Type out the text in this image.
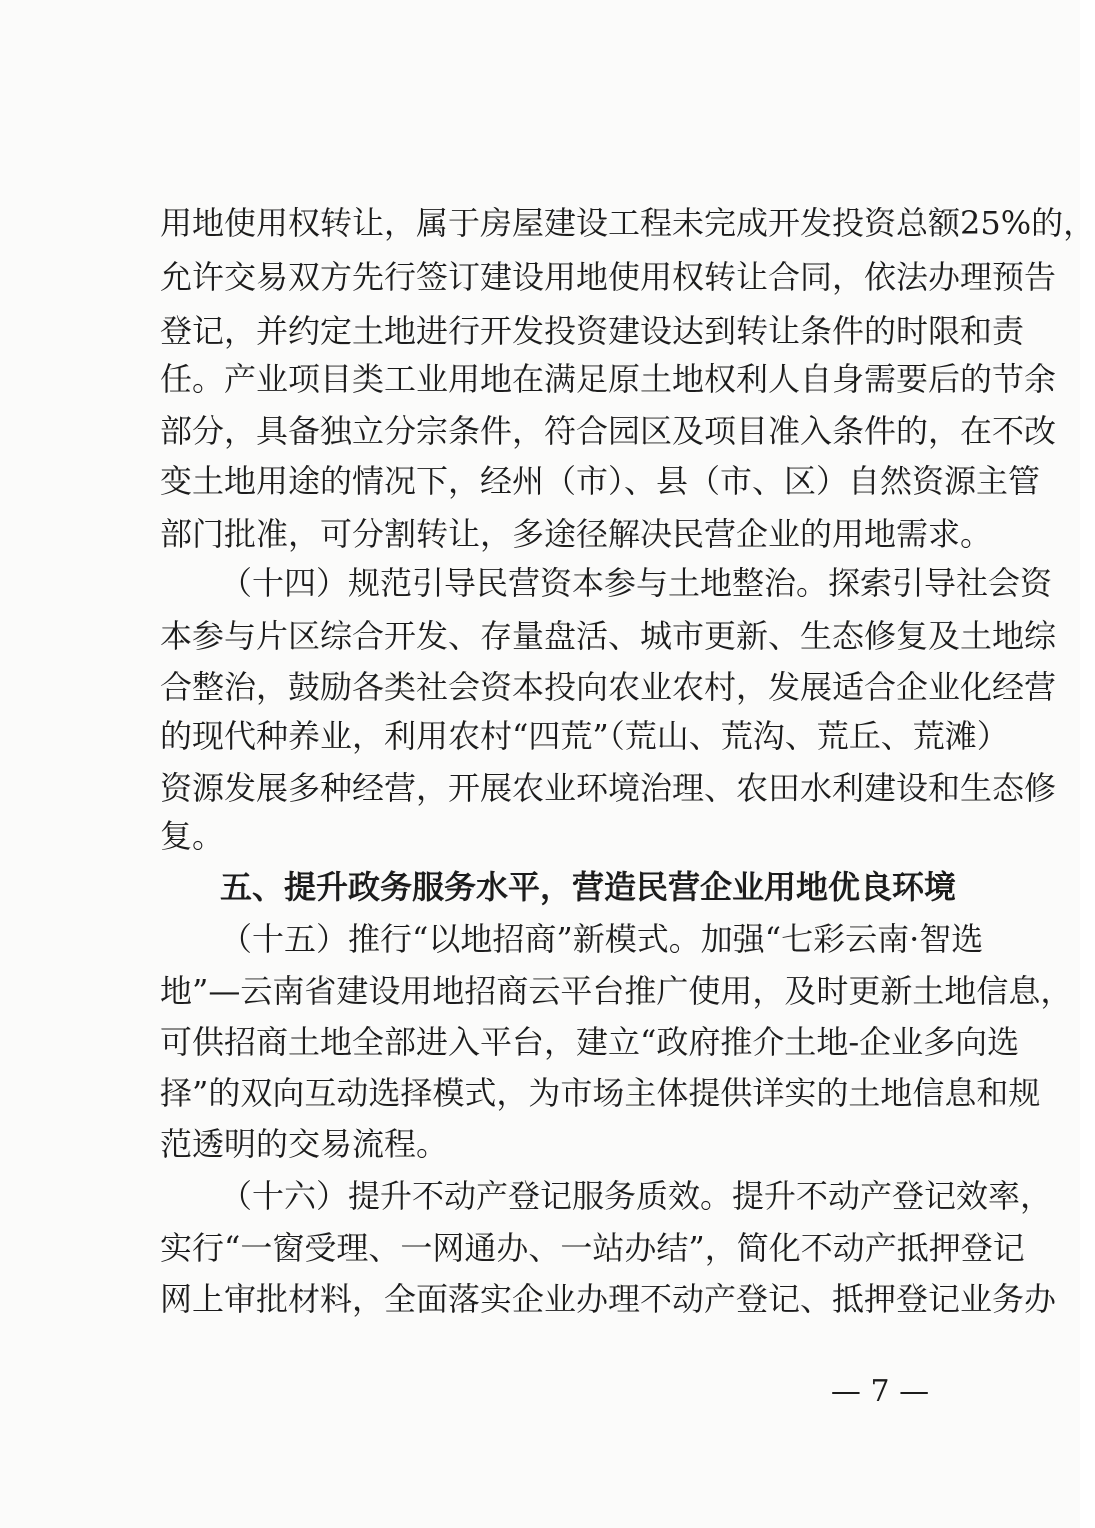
用地使用权转让，属于房屋建设工程未完成开发投资总额25%的，
允许交易双方先行签订建设用地使用权转让合同，依法办理预告
登记，并约定土地进行开发投资建设达到转让条件的时限和责
任。产业项目类工业用地在满足原土地权利人自身需要后的节余
部分，具备独立分宗条件，符合园区及项目准入条件的，在不改
变土地用途的情况下，经州（市）、县（市、区）自然资源主管
部门批准，可分割转让，多途径解决民营企业的用地需求。
（十四）规范引导民营资本参与土地整治。探索引导社会资
本参与片区综合开发、存量盘活、城市更新、生态修复及土地综
合整治，鼓励各类社会资本投向农业农村，发展适合企业化经营
的现代种养业，利用农村“四荒”（荒山、荒沟、荒丘、荒滩）
资源发展多种经营，开展农业环境治理、农田水利建设和生态修
复。
五、提升政务服务水平，营造民营企业用地优良环境
（十五）推行“以地招商”新模式。加强“七彩云南·智选
地”—云南省建设用地招商云平台推广使用，及时更新土地信息，
可供招商土地全部进入平台，建立“政府推介土地-企业多向选
择”的双向互动选择模式，为市场主体提供详实的土地信息和规
范透明的交易流程。
（十六）提升不动产登记服务质效。提升不动产登记效率，
实行“一窗受理、一网通办、一站办结”，简化不动产抵押登记
网上审批材料，全面落实企业办理不动产登记、抵押登记业务办
— 7 —
